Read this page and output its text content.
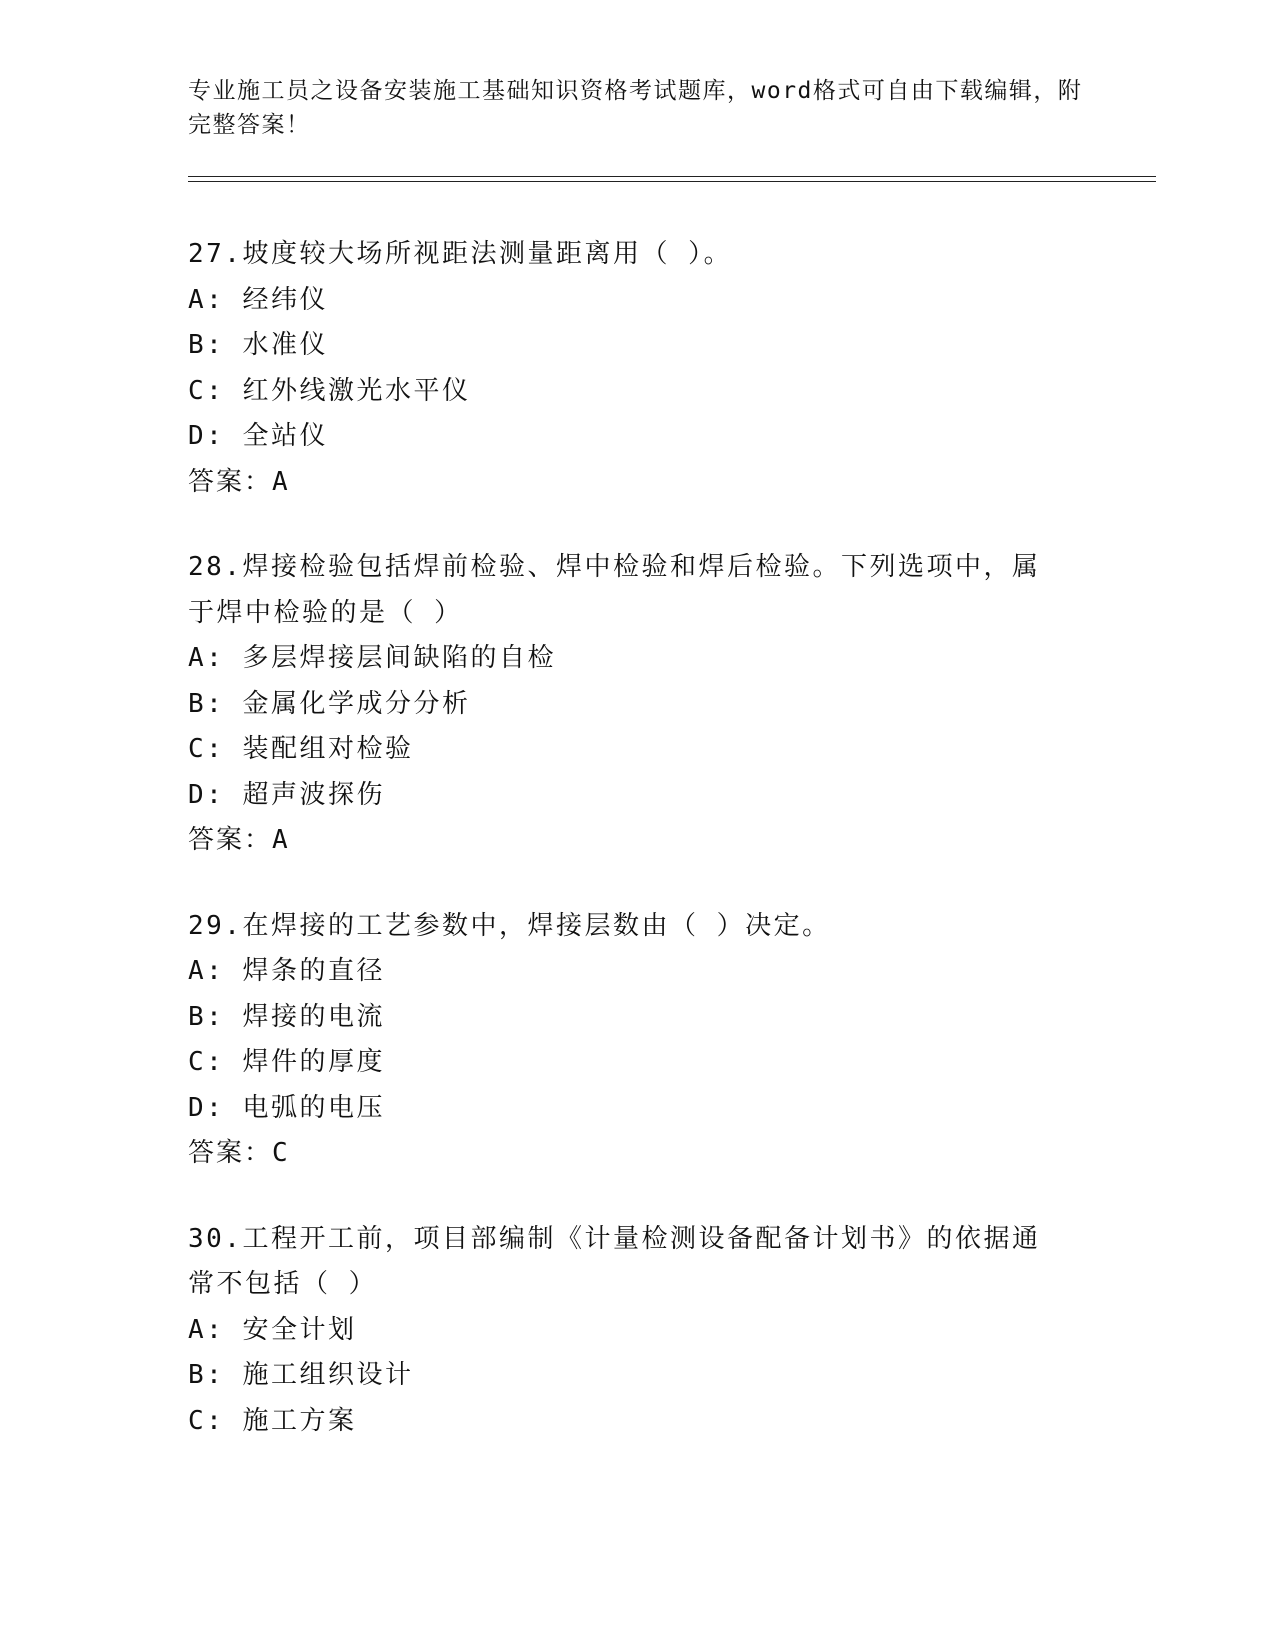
专业施工员之设备安装施工基础知识资格考试题库，word格式可自由下载编辑，附完整答案！
27.坡度较大场所视距法测量距离用（ ）。
A: 经纬仪
B: 水准仪
C: 红外线激光水平仪
D: 全站仪
答案：A
28.焊接检验包括焊前检验、焊中检验和焊后检验。下列选项中，属于焊中检验的是（ ）
A: 多层焊接层间缺陷的自检
B: 金属化学成分分析
C: 装配组对检验
D: 超声波探伤
答案：A
29.在焊接的工艺参数中，焊接层数由（ ）决定。
A: 焊条的直径
B: 焊接的电流
C: 焊件的厚度
D: 电弧的电压
答案：C
30.工程开工前，项目部编制《计量检测设备配备计划书》的依据通常不包括（ ）
A: 安全计划
B: 施工组织设计
C: 施工方案
